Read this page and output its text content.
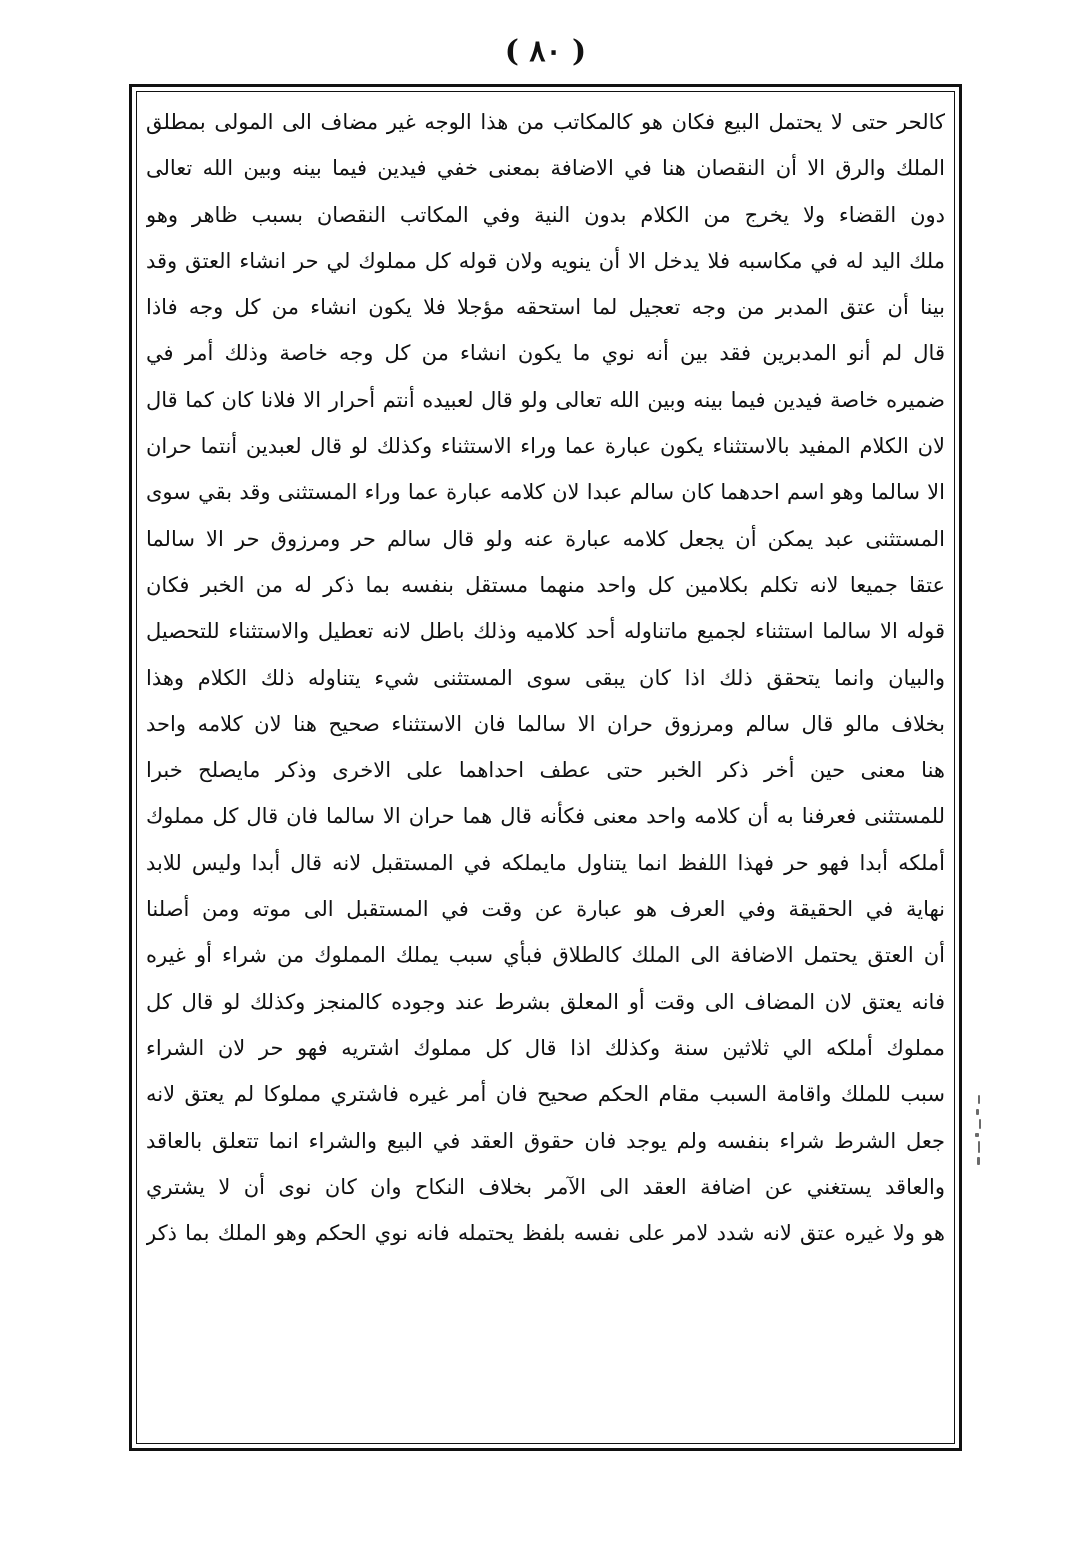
( ٨٠ )
كالحر حتى لا يحتمل البيع فكان هو كالمكاتب من هذا الوجه غير مضاف الى المولى بمطلق
الملك والرق الا أن النقصان هنا في الاضافة بمعنى خفي فيدين فيما بينه وبين الله تعالى
دون القضاء ولا يخرج من الكلام بدون النية وفي المكاتب النقصان بسبب ظاهر وهو
ملك اليد له في مكاسبه فلا يدخل الا أن ينويه ولان قوله كل مملوك لي حر انشاء العتق وقد
بينا أن عتق المدبر من وجه تعجيل لما استحقه مؤجلا فلا يكون انشاء من كل وجه فاذا
قال لم أنو المدبرين فقد بين أنه نوي ما يكون انشاء من كل وجه خاصة وذلك أمر في
ضميره خاصة فيدين فيما بينه وبين الله تعالى ولو قال لعبيده أنتم أحرار الا فلانا كان كما قال
لان الكلام المفيد بالاستثناء يكون عبارة عما وراء الاستثناء وكذلك لو قال لعبدين أنتما حران
الا سالما وهو اسم احدهما كان سالم عبدا لان كلامه عبارة عما وراء المستثنى وقد بقي سوى
المستثنى عبد يمكن أن يجعل كلامه عبارة عنه ولو قال سالم حر ومرزوق حر الا سالما
عتقا جميعا لانه تكلم بكلامين كل واحد منهما مستقل بنفسه بما ذكر له من الخبر فكان
قوله الا سالما استثناء لجميع ماتناوله أحد كلاميه وذلك باطل لانه تعطيل والاستثناء للتحصيل
والبيان وانما يتحقق ذلك اذا كان يبقى سوى المستثنى شيء يتناوله ذلك الكلام وهذا
بخلاف مالو قال سالم ومرزوق حران الا سالما فان الاستثناء صحيح هنا لان كلامه واحد
هنا معنى حين أخر ذكر الخبر حتى عطف احداهما على الاخرى وذكر مايصلح خبرا
للمستثنى فعرفنا به أن كلامه واحد معنى فكأنه قال هما حران الا سالما فان قال كل مملوك
أملكه أبدا فهو حر فهذا اللفظ انما يتناول مايملكه في المستقبل لانه قال أبدا وليس للابد
نهاية في الحقيقة وفي العرف هو عبارة عن وقت في المستقبل الى موته ومن أصلنا
أن العتق يحتمل الاضافة الى الملك كالطلاق فبأي سبب يملك المملوك من شراء أو غيره
فانه يعتق لان المضاف الى وقت أو المعلق بشرط عند وجوده كالمنجز وكذلك لو قال كل
مملوك أملكه الي ثلاثين سنة وكذلك اذا قال كل مملوك اشتريه فهو حر لان الشراء
سبب للملك واقامة السبب مقام الحكم صحيح فان أمر غيره فاشتري مملوكا لم يعتق لانه
جعل الشرط شراء بنفسه ولم يوجد فان حقوق العقد في البيع والشراء انما تتعلق بالعاقد
والعاقد يستغني عن اضافة العقد الى الآمر بخلاف النكاح وان كان نوى أن لا يشتري
هو ولا غيره عتق لانه شدد لامر على نفسه بلفظ يحتمله فانه نوي الحكم وهو الملك بما ذكر
